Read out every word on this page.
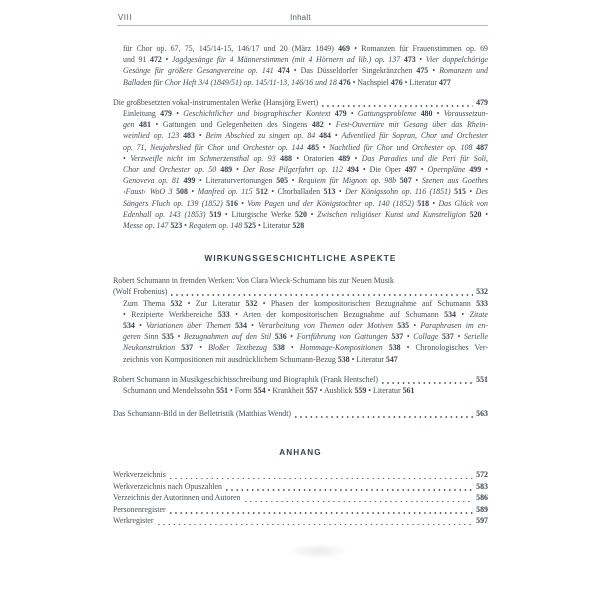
VIII	Inhalt
für Chor op. 67, 75, 145/14-15, 146/17 und 20 (März 1849) 469 • Romanzen für Frauenstimmen op. 69
und 91 472 • Jagdgesänge für 4 Männerstimmen (mit 4 Hörnern ad lib.) op. 137 473 • Vier doppelchörige
Gesänge für größere Gesangvereine op. 141 474 • Das Düsseldorfer Singekränzchen 475 • Romanzen und
Balladen für Chor Heft 3/4 (1849/51) op. 145/11-13, 146/16 und 18 476 • Nachspiel 476 • Literatur 477
Die großbesetzten vokal-instrumentalen Werke (Hansjörg Ewert)	479
Einleitung 479 • Geschichtlicher und biographischer Kontext 479 • Gattungsprobleme 480 • Voraussetzun-
gen 481 • Gattungen und Gelegenheiten des Singens 482 • Fest-Ouvertüre mit Gesang über das Rhein-
weinlied op. 123 483 • Beim Abschied zu singen op. 84 484 • Adventlied für Sopran, Chor und Orchester
op. 71, Neujahrslied für Chor und Orchester op. 144 485 • Nachtlied für Chor und Orchester op. 108 487
• Verzweifle nicht im Schmerzensthal op. 93 488 • Oratorien 489 • Das Paradies und die Peri für Soli,
Chor und Orchester op. 50 489 • Der Rose Pilgerfahrt op. 112 494 • Die Oper 497 • Opernpläne 499 •
Genoveva op. 81 499 • Literaturvertonungen 505 • Requiem für Mignon op. 98b 507 • Szenen aus Goethes
›Faust‹ WoO 3 508 • Manfred op. 115 512 • Chorballaden 513 • Der Königssohn op. 116 (1851) 515 • Des
Sängers Fluch op. 139 (1852) 516 • Vom Pagen und der Königstochter op. 140 (1852) 518 • Das Glück von
Edenhall op. 143 (1853) 519 • Liturgische Werke 520 • Zwischen religiöser Kunst und Kunstreligion 520 •
Messe op. 147 523 • Requiem op. 148 525 • Literatur 528
WIRKUNGSGESCHICHTLICHE ASPEKTE
Robert Schumann in fremden Werken: Von Clara Wieck-Schumann bis zur Neuen Musik
(Wolf Frobenius)	532
Zum Thema 532 • Zur Literatur 532 • Phasen der kompositorischen Bezugnahme auf Schumann 533
• Rezipierte Werkbereiche 533 • Arten der kompositorischen Bezugnahme auf Schumann 534 • Zitate
534 • Variationen über Themen 534 • Verarbeitung von Themen oder Motiven 535 • Paraphrasen im en-
geren Sinn 535 • Bezugnahmen auf den Stil 536 • Fortführung von Gattungen 537 • Collage 537 • Serielle
Neukonstruktion 537 • Bloßer Textbezug 538 • Hommage-Kompositionen 538 • Chronologisches Ver-
zeichnis von Kompositionen mit ausdrücklichem Schumann-Bezug 538 • Literatur 547
Robert Schumann in Musikgeschichtsschreibung und Biographik (Frank Hentschel)	551
Schumann und Mendelssohn 551 • Form 554 • Krankheit 557 • Ausblick 559 • Literatur 561
Das Schumann-Bild in der Belletristik (Matthias Wendt)	563
ANHANG
Werkverzeichnis	572
Werkverzeichnis nach Opuszahlen	583
Verzeichnis der Autorinnen und Autoren	586
Personenregister	589
Werkregister	597
